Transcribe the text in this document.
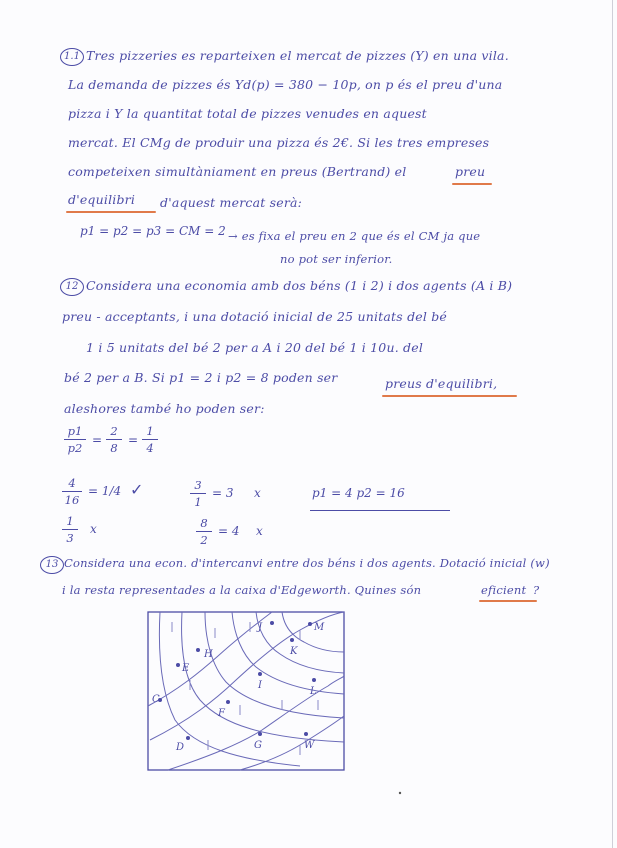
1.1 Tres pizzeries es reparteixen el mercat de pizzes (Y) en una vila.
La demanda de pizzes és Yd(p) = 380 − 10p, on p és el preu d'una
pizza i Y la quantitat total de pizzes venudes en aquest
mercat. El CMg de produir una pizza és 2€. Si les tres empreses
competeixen simultàniament en preus (Bertrand) el	preu
d'equilibri d'aquest mercat serà:
p1 = p2 = p3 = CM = 2 → es fixa el preu en 2 que és el CM ja que
no pot ser inferior.
12 Considera una economia amb dos béns (1 i 2) i dos agents (A i B)
preu - acceptants, i una dotació inicial de 25 unitats del bé
1 i 5 unitats del bé 2 per a A i 20 del bé 1 i 10u. del
bé 2 per a B. Si p1 = 2 i p2 = 8 poden ser	preus d'equilibri,
aleshores també ho poden ser:
p1
p2
=
2
8
=
1
4
4
16
= 1/4 ✓	3
1
= 3 x	p1 = 4 p2 = 16
1
3
x	8
2
= 4 x
13 Considera una econ. d'intercanvi entre dos béns i dos agents. Dotació inicial (w)
i la resta representades a la caixa d'Edgeworth. Quines són	eficient ?
J	M
K
H
E
I
L
C
F
D	G	W
